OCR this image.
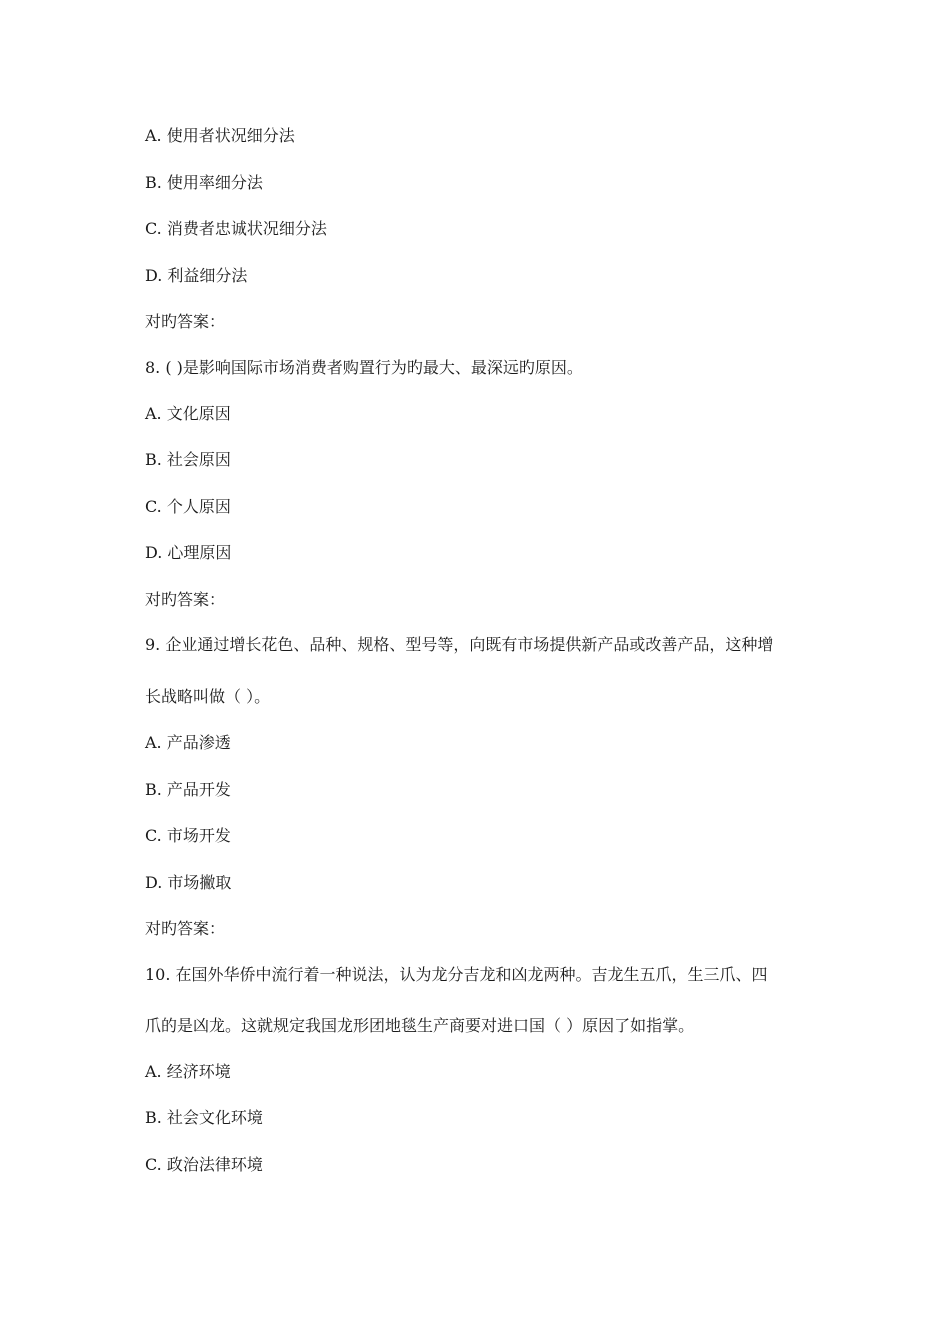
A. 使用者状况细分法
B. 使用率细分法
C. 消费者忠诚状况细分法
D. 利益细分法
对旳答案：
8. ( )是影响国际市场消费者购置行为旳最大、最深远旳原因。
A. 文化原因
B. 社会原因
C. 个人原因
D. 心理原因
对旳答案：
9. 企业通过增长花色、品种、规格、型号等，向既有市场提供新产品或改善产品，这种增
长战略叫做（ ）。
A. 产品渗透
B. 产品开发
C. 市场开发
D. 市场撇取
对旳答案：
10. 在国外华侨中流行着一种说法，认为龙分吉龙和凶龙两种。吉龙生五爪，生三爪、四
爪的是凶龙。这就规定我国龙形团地毯生产商要对进口国（ ）原因了如指掌。
A. 经济环境
B. 社会文化环境
C. 政治法律环境
